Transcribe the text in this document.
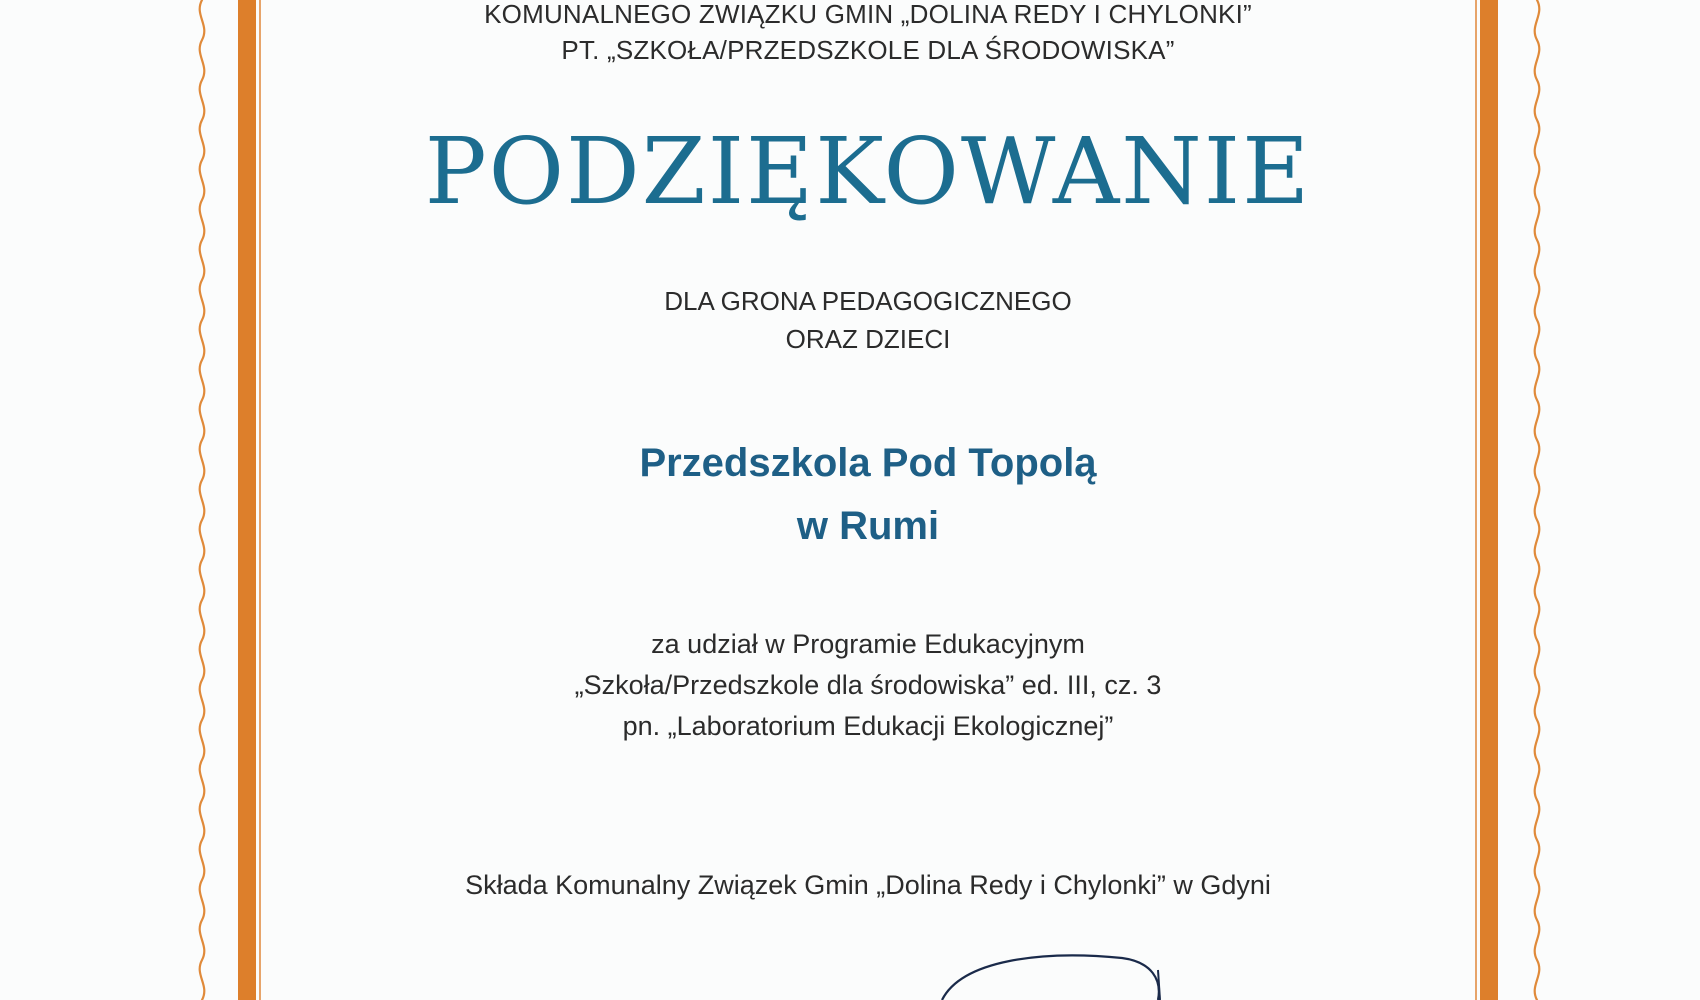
KOMUNALNEGO ZWIĄZKU GMIN „DOLINA REDY I CHYLONKI”
PT. „SZKOŁA/PRZEDSZKOLE DLA ŚRODOWISKA”
PODZIĘKOWANIE
DLA GRONA PEDAGOGICZNEGO
ORAZ DZIECI
Przedszkola Pod Topolą
w Rumi
za udział w Programie Edukacyjnym
„Szkoła/Przedszkole dla środowiska” ed. III, cz. 3
pn. „Laboratorium Edukacji Ekologicznej”
Składa Komunalny Związek Gmin „Dolina Redy i Chylonki” w Gdyni
